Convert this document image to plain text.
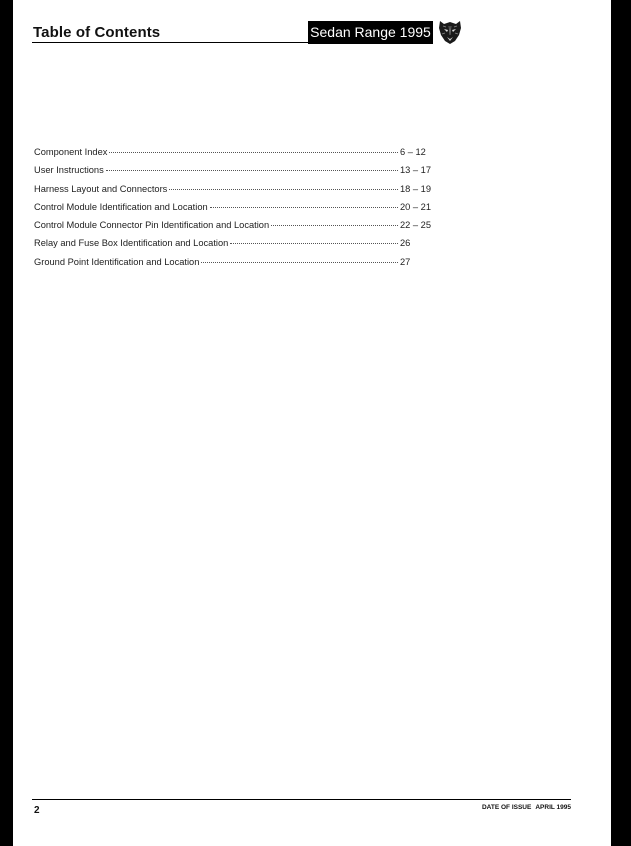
Table of Contents	Sedan Range 1995
Component Index	6 – 12
User Instructions	13 – 17
Harness Layout and Connectors	18 – 19
Control Module Identification and Location	20 – 21
Control Module Connector Pin Identification and Location	22 – 25
Relay and Fuse Box Identification and Location	26
Ground Point Identification and Location	27
2	DATE OF ISSUE APRIL 1995
